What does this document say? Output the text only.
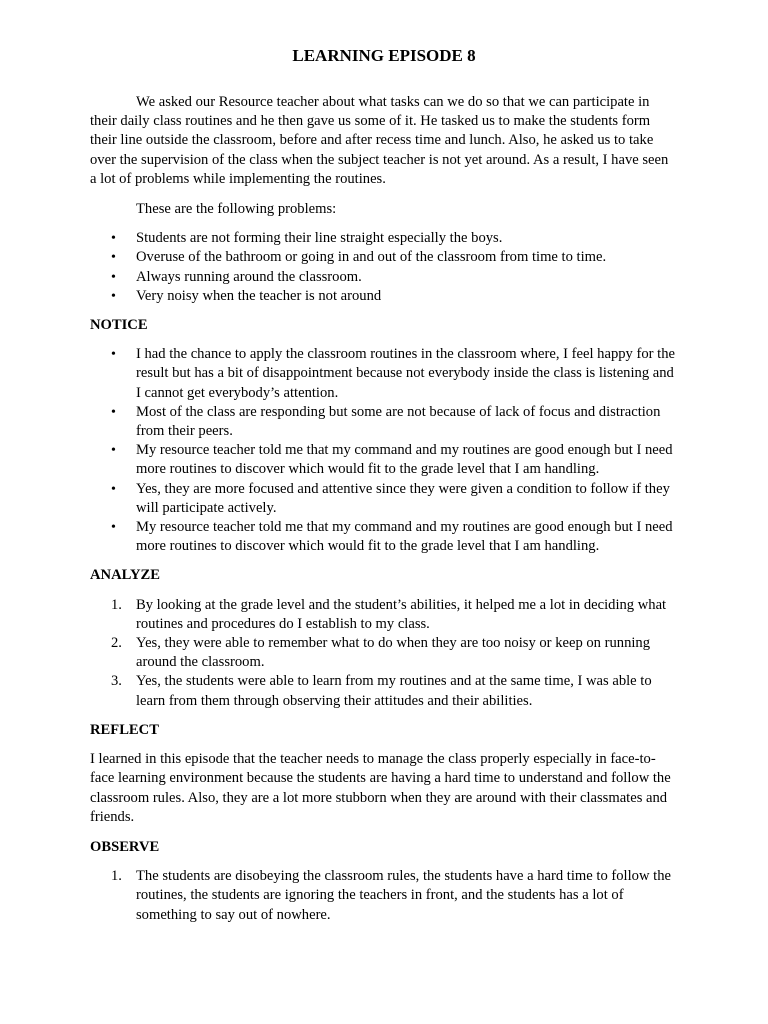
LEARNING EPISODE 8

We asked our Resource teacher about what tasks can we do so that we can participate in their daily class routines and he then gave us some of it. He tasked us to make the students form their line outside the classroom, before and after recess time and lunch. Also, he asked us to take over the supervision of the class when the subject teacher is not yet around. As a result, I have seen a lot of problems while implementing the routines.

These are the following problems:

• Students are not forming their line straight especially the boys.
• Overuse of the bathroom or going in and out of the classroom from time to time.
• Always running around the classroom.
• Very noisy when the teacher is not around

NOTICE

• I had the chance to apply the classroom routines in the classroom where, I feel happy for the result but has a bit of disappointment because not everybody inside the class is listening and I cannot get everybody’s attention.
• Most of the class are responding but some are not because of lack of focus and distraction from their peers.
• My resource teacher told me that my command and my routines are good enough but I need more routines to discover which would fit to the grade level that I am handling.
• Yes, they are more focused and attentive since they were given a condition to follow if they will participate actively.
• My resource teacher told me that my command and my routines are good enough but I need more routines to discover which would fit to the grade level that I am handling.

ANALYZE

1. By looking at the grade level and the student’s abilities, it helped me a lot in deciding what routines and procedures do I establish to my class.
2. Yes, they were able to remember what to do when they are too noisy or keep on running around the classroom.
3. Yes, the students were able to learn from my routines and at the same time, I was able to learn from them through observing their attitudes and their abilities.

REFLECT

I learned in this episode that the teacher needs to manage the class properly especially in face-to-face learning environment because the students are having a hard time to understand and follow the classroom rules. Also, they are a lot more stubborn when they are around with their classmates and friends.

OBSERVE

1. The students are disobeying the classroom rules, the students have a hard time to follow the routines, the students are ignoring the teachers in front, and the students has a lot of something to say out of nowhere.
